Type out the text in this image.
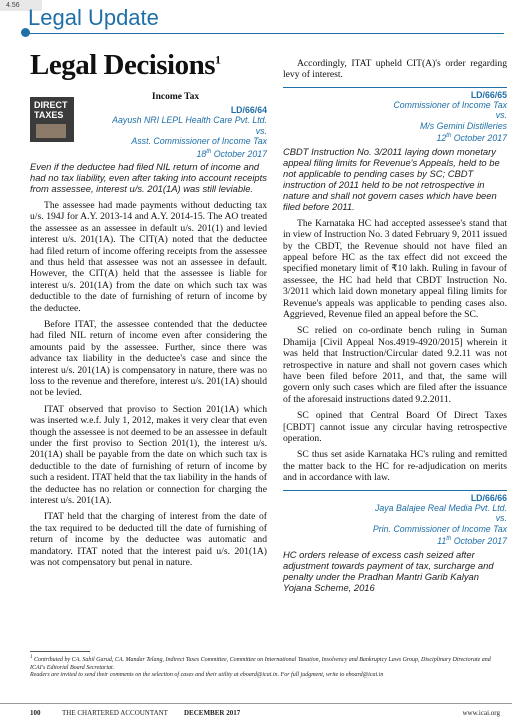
4.56 Legal Update
Legal Decisions$^1$
DIRECT TAXES
Income Tax
LD/66/64
Aayush NRI LEPL Health Care Pvt. Ltd.
vs.
Asst. Commissioner of Income Tax
18th October 2017
Even if the deductee had filed NIL return of income and had no tax liability, even after taking into account receipts from assessee, interest u/s. 201(1A) was still leviable.

The assessee had made payments without deducting tax u/s. 194J for A.Y. 2013-14 and A.Y. 2014-15. The AO treated the assessee as an assessee in default u/s. 201(1) and levied interest u/s. 201(1A). The CIT(A) noted that the deductee had filed return of income offering receipts from the assessee and thus held that assessee was not an assessee in default. However, the CIT(A) held that the assessee is liable for interest u/s. 201(1A) from the date on which such tax was deductible to the date of furnishing of return of income by the deductee.

Before ITAT, the assessee contended that the deductee had filed NIL return of income even after considering the amounts paid by the assessee. Further, since there was advance tax liability in the deductee's case and since the interest u/s. 201(1A) is compensatory in nature, there was no loss to the revenue and therefore, interest u/s. 201(1A) should not be levied.

ITAT observed that proviso to Section 201(1A) which was inserted w.e.f. July 1, 2012, makes it very clear that even though the assessee is not deemed to be an assessee in default under the first proviso to Section 201(1), the interest u/s. 201(1A) shall be payable from the date on which such tax is deductible to the date of furnishing of return of income by such a resident. ITAT held that the tax liability in the hands of the deductee has no relation or connection for charging the interest u/s. 201(1A).

ITAT held that the charging of interest from the date of the tax required to be deducted till the date of furnishing of return of income by the deductee was automatic and mandatory. ITAT noted that the interest paid u/s. 201(1A) was not compensatory but penal in nature.

Accordingly, ITAT upheld CIT(A)'s order regarding levy of interest.

LD/66/65
Commissioner of Income Tax
vs.
M/s Gemini Distilleries
12th October 2017
CBDT Instruction No. 3/2011 laying down monetary appeal filing limits for Revenue's Appeals, held to be not applicable to pending cases by SC; CBDT instruction of 2011 held to be not retrospective in nature and shall not govern cases which have been filed before 2011.

The Karnataka HC had accepted assessee's stand that in view of Instruction No. 3 dated February 9, 2011 issued by the CBDT, the Revenue should not have filed an appeal before HC as the tax effect did not exceed the specified monetary limit of ₹10 lakh. Ruling in favour of assessee, the HC had held that CBDT Instruction No. 3/2011 which laid down monetary appeal filing limits for Revenue's appeals was applicable to pending cases also. Aggrieved, Revenue filed an appeal before the SC.

SC relied on co-ordinate bench ruling in Suman Dhamija [Civil Appeal Nos.4919-4920/2015] wherein it was held that Instruction/Circular dated 9.2.11 was not retrospective in nature and shall not govern cases which have been filed before 2011, and that, the same will govern only such cases which are filed after the issuance of the aforesaid instructions dated 9.2.2011.

SC opined that Central Board Of Direct Taxes [CBDT] cannot issue any circular having retrospective operation.

SC thus set aside Karnataka HC's ruling and remitted the matter back to the HC for re-adjudication on merits and in accordance with law.

LD/66/66
Jaya Balajee Real Media Pvt. Ltd.
vs.
Prin. Commissioner of Income Tax
11th October 2017
HC orders release of excess cash seized after adjustment towards payment of tax, surcharge and penalty under the Pradhan Mantri Garib Kalyan Yojana Scheme, 2016
$^1$ Contributed by CA. Sahil Garud, CA. Mandar Telang, Indirect Taxes Committee, Committee on International Taxation, Insolvency and Bankruptcy Laws Group, Disciplinary Directorate and ICAI's Editorial Board Secretariat.
Readers are invited to send their comments on the selection of cases and their utility at eboard@icai.in. For full judgment, write to eboard@icai.in
100	THE CHARTERED ACCOUNTANT DECEMBER 2017	www.icai.org
